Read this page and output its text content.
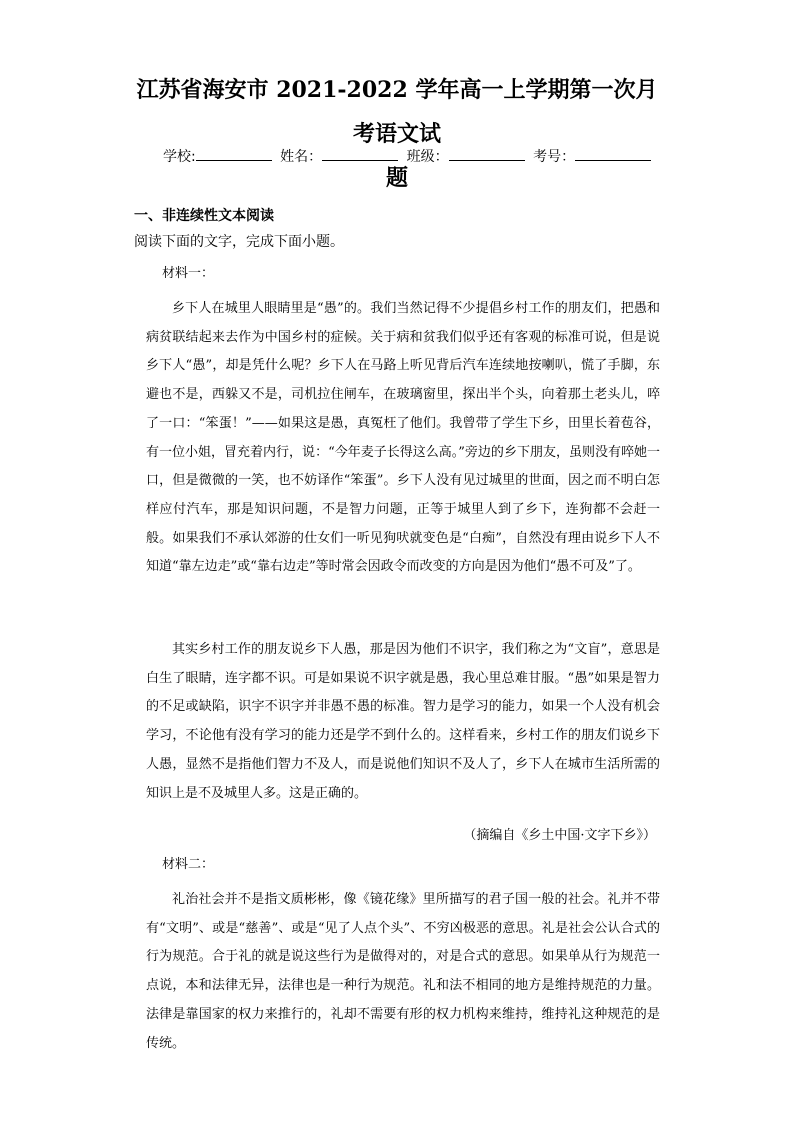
江苏省海安市 2021-2022 学年高一上学期第一次月考语文试
题
学校:	姓名：	班级：	考号：
一、非连续性文本阅读
阅读下面的文字，完成下面小题。
材料一：

乡下人在城里人眼睛里是“愚”的。我们当然记得不少提倡乡村工作的朋友们，把愚和病贫联结起来去作为中国乡村的症候。关于病和贫我们似乎还有客观的标准可说，但是说乡下人“愚”，却是凭什么呢？乡下人在马路上听见背后汽车连续地按喇叭，慌了手脚，东避也不是，西躲又不是，司机拉住闸车，在玻璃窗里，探出半个头，向着那土老头儿，啐了一口：“笨蛋！”——如果这是愚，真冤枉了他们。我曾带了学生下乡，田里长着苞谷，有一位小姐，冒充着内行，说：“今年麦子长得这么高。”旁边的乡下朋友，虽则没有啐她一口，但是微微的一笑，也不妨译作“笨蛋”。乡下人没有见过城里的世面，因之而不明白怎样应付汽车，那是知识问题，不是智力问题，正等于城里人到了乡下，连狗都不会赶一般。如果我们不承认郊游的仕女们一听见狗吠就变色是“白痴”，自然没有理由说乡下人不知道“靠左边走”或“靠右边走”等时常会因政令而改变的方向是因为他们“愚不可及”了。

其实乡村工作的朋友说乡下人愚，那是因为他们不识字，我们称之为“文盲”，意思是白生了眼睛，连字都不识。可是如果说不识字就是愚，我心里总难甘服。“愚”如果是智力的不足或缺陷，识字不识字并非愚不愚的标准。智力是学习的能力，如果一个人没有机会学习，不论他有没有学习的能力还是学不到什么的。这样看来，乡村工作的朋友们说乡下人愚，显然不是指他们智力不及人，而是说他们知识不及人了，乡下人在城市生活所需的知识上是不及城里人多。这是正确的。

（摘编自《乡土中国·文字下乡》）
材料二：

礼治社会并不是指文质彬彬，像《镜花缘》里所描写的君子国一般的社会。礼并不带有“文明”、或是“慈善”、或是“见了人点个头”、不穷凶极恶的意思。礼是社会公认合式的行为规范。合于礼的就是说这些行为是做得对的，对是合式的意思。如果单从行为规范一点说，本和法律无异，法律也是一种行为规范。礼和法不相同的地方是维持规范的力量。法律是靠国家的权力来推行的，礼却不需要有形的权力机构来维持，维持礼这种规范的是传统。
